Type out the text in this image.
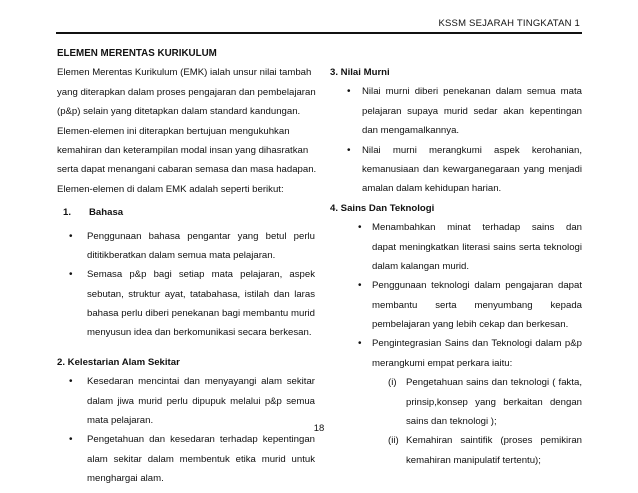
KSSM SEJARAH TINGKATAN 1
ELEMEN MERENTAS KURIKULUM
Elemen Merentas Kurikulum (EMK) ialah unsur nilai tambah
yang diterapkan dalam proses pengajaran dan pembelajaran
(p&p) selain yang ditetapkan dalam standard kandungan.
Elemen-elemen ini diterapkan bertujuan mengukuhkan
kemahiran dan keterampilan modal insan yang dihasratkan
serta dapat menangani cabaran semasa dan masa hadapan.
Elemen-elemen di dalam EMK adalah seperti berikut:
1. Bahasa
• Penggunaan bahasa pengantar yang betul perlu
dititikberatkan dalam semua mata pelajaran.
• Semasa p&p bagi setiap mata pelajaran, aspek
sebutan, struktur ayat, tatabahasa, istilah dan laras
bahasa perlu diberi penekanan bagi membantu murid
menyusun idea dan berkomunikasi secara berkesan.
2. Kelestarian Alam Sekitar
• Kesedaran mencintai dan menyayangi alam sekitar
dalam jiwa murid perlu dipupuk melalui p&p semua
mata pelajaran.
• Pengetahuan dan kesedaran terhadap kepentingan
alam sekitar dalam membentuk etika murid untuk
menghargai alam.
3. Nilai Murni
• Nilai murni diberi penekanan dalam semua mata
pelajaran supaya murid sedar akan kepentingan
dan mengamalkannya.
• Nilai murni merangkumi aspek kerohanian,
kemanusiaan dan kewarganegaraan yang menjadi
amalan dalam kehidupan harian.
4. Sains Dan Teknologi
• Menambahkan minat terhadap sains dan
dapat meningkatkan literasi sains serta teknologi
dalam kalangan murid.
• Penggunaan teknologi dalam pengajaran dapat
membantu serta menyumbang kepada
pembelajaran yang lebih cekap dan berkesan.
• Pengintegrasian Sains dan Teknologi dalam p&p
merangkumi empat perkara iaitu:
(i) Pengetahuan sains dan teknologi ( fakta,
prinsip,konsep yang berkaitan dengan
sains dan teknologi );
(ii) Kemahiran saintifik (proses pemikiran
kemahiran manipulatif tertentu);
18
